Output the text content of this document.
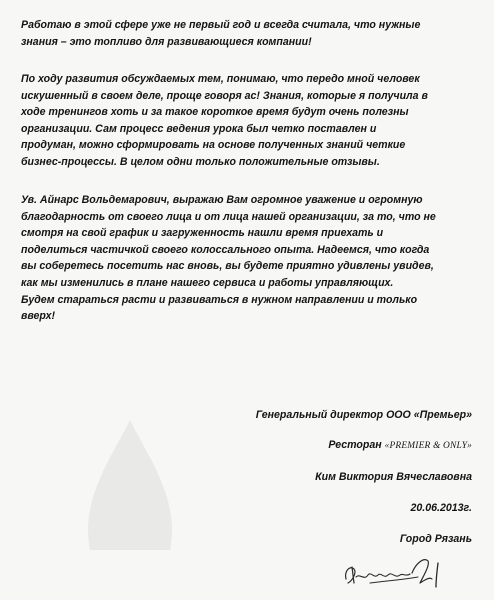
Работаю в этой сфере уже не первый год и всегда считала, что нужные
знания – это топливо для развивающиеся компании!

По ходу развития обсуждаемых тем, понимаю, что передо мной человек
искушенный в своем деле, проще говоря ас! Знания, которые я получила в
ходе тренингов хоть и за такое короткое время будут очень полезны
организации. Сам процесс ведения урока был четко поставлен и
продуман, можно сформировать на основе полученных знаний четкие
бизнес-процессы. В целом одни только положительные отзывы.

Ув. Айнарс Вольдемарович, выражаю Вам огромное уважение и огромную
благодарность от своего лица и от лица нашей организации, за то, что не
смотря на свой график и загруженность нашли время приехать и
поделиться частичкой своего колоссального опыта. Надеемся, что когда
вы соберетесь посетить нас вновь, вы будете приятно удивлены увидев,
как мы изменились в плане нашего сервиса и работы управляющих.
Будем стараться расти и развиваться в нужном направлении и только
вверх!

Генеральный директор ООО «Премьер»

Ресторан «PREMIER & ONLY»

Ким Виктория Вячеславовна

20.06.2013г.

Город Рязань
